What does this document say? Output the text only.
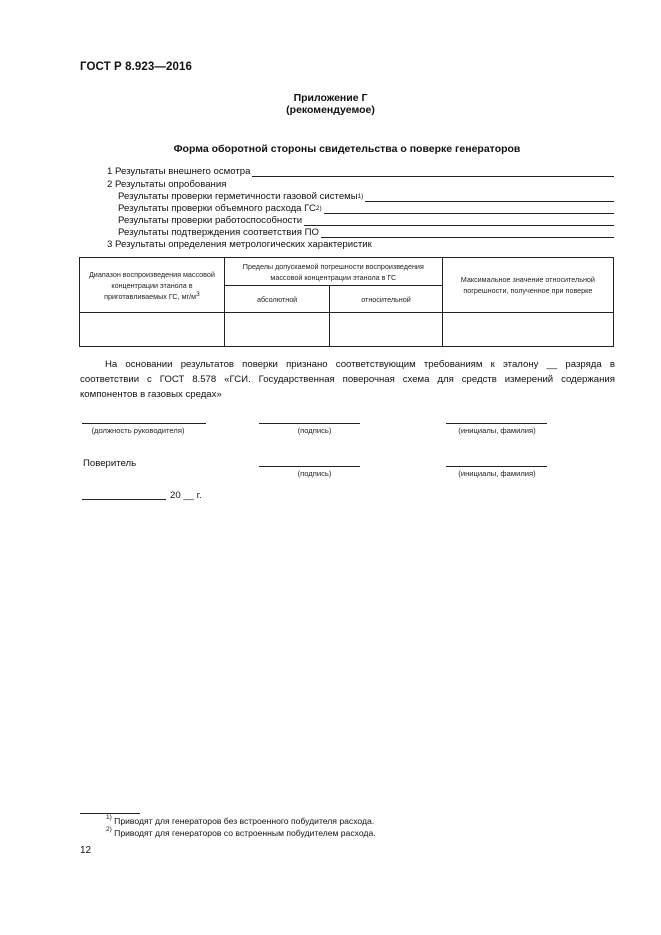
ГОСТ Р 8.923—2016
Приложение Г
(рекомендуемое)
Форма оборотной стороны свидетельства о поверке генераторов
1 Результаты внешнего осмотра
2 Результаты опробования
Результаты проверки герметичности газовой системы$^{1)}$
Результаты проверки объемного расхода ГС$^{2)}$
Результаты проверки работоспособности
Результаты подтверждения соответствия ПО
3 Результаты определения метрологических характеристик
Диапазон воспроизведения массовой концентрации этанола в приготавливаемых ГС, $мг/м^3$	Пределы допускаемой погрешности воспроизведения массовой концентрации этанола в ГС		Максимальное значение относительной погрешности, полученное при поверке
	абсолютной	относительной	

На основании результатов поверки признано соответствующим требованиям к эталону __ разряда в соответствии с ГОСТ 8.578 «ГСИ. Государственная поверочная схема для средств измерений содержания компонентов в газовых средах»
(должность руководителя)	(подпись)	(инициалы, фамилия)
Поверитель
(подпись)	(инициалы, фамилия)
20 __ г.
$^{1)}$ Приводят для генераторов без встроенного побудителя расхода.
$^{2)}$ Приводят для генераторов со встроенным побудителем расхода.
12
